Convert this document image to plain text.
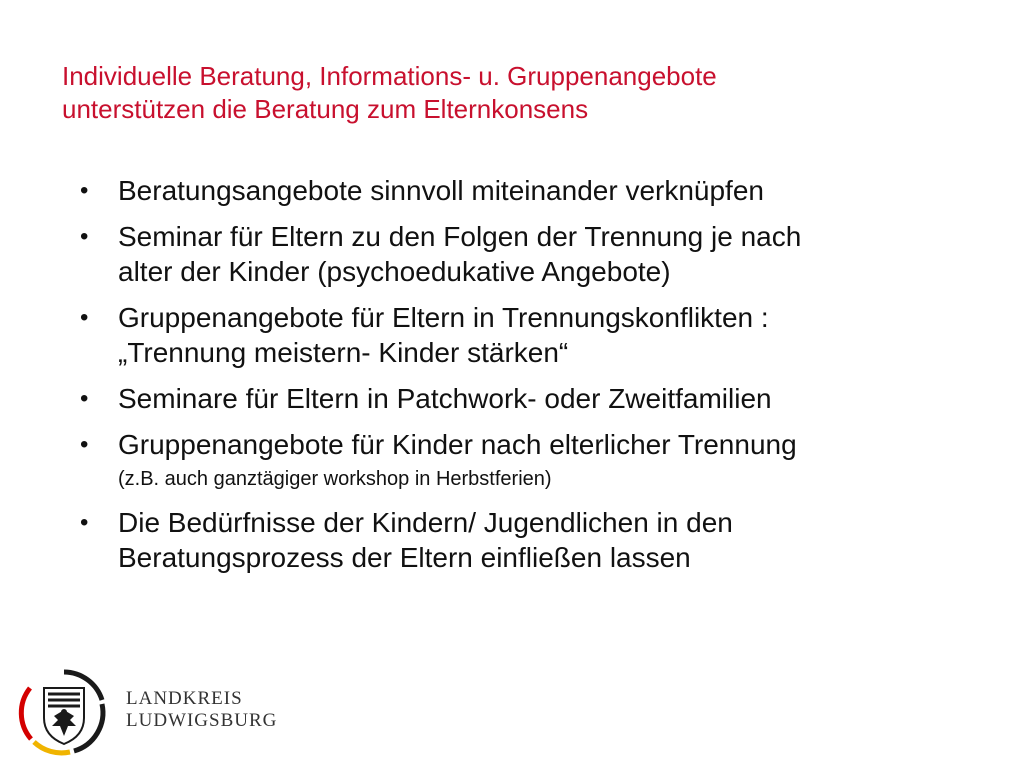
Individuelle Beratung, Informations- u. Gruppenangebote
unterstützen die Beratung zum Elternkonsens
• Beratungsangebote sinnvoll miteinander verknüpfen
• Seminar für Eltern zu den Folgen der Trennung je nach
alter der Kinder (psychoedukative Angebote)
• Gruppenangebote für Eltern in Trennungskonflikten :
„Trennung meistern- Kinder stärken“
• Seminare für Eltern in Patchwork- oder Zweitfamilien
• Gruppenangebote für Kinder nach elterlicher Trennung
(z.B. auch ganztägiger workshop in Herbstferien)
• Die Bedürfnisse der Kindern/ Jugendlichen in den
Beratungsprozess der Eltern einfließen lassen
LANDKREIS
LUDWIGSBURG
